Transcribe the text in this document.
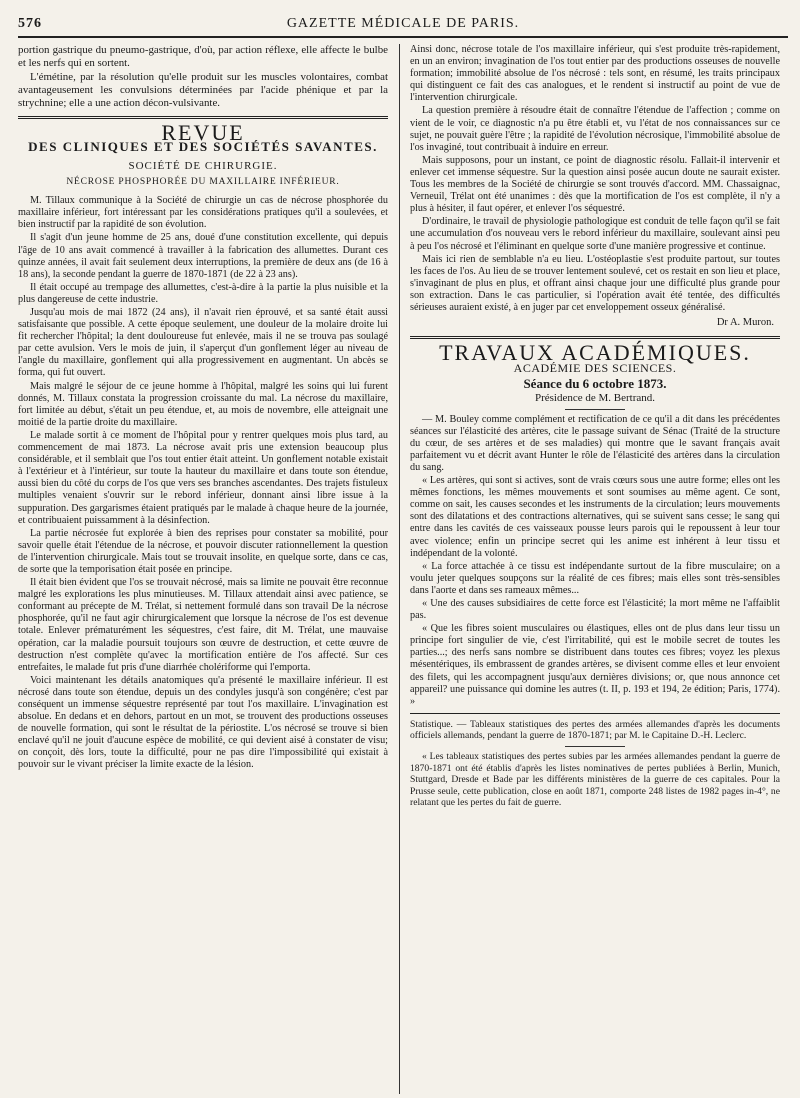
576	GAZETTE MÉDICALE DE PARIS.

portion gastrique du pneumo-gastrique, d'où, par action réflexe, elle affecte le bulbe et les nerfs qui en sortent.

L'émétine, par la résolution qu'elle produit sur les muscles volontaires, combat avantageusement les convulsions déterminées par l'acide phénique et par la strychnine; elle a une action décon-vulsivante.

REVUE
DES CLINIQUES ET DES SOCIÉTÉS SAVANTES.
SOCIÉTÉ DE CHIRURGIE.
NÉCROSE PHOSPHORÉE DU MAXILLAIRE INFÉRIEUR.

M. Tillaux communique à la Société de chirurgie un cas de nécrose phosphorée du maxillaire inférieur, fort intéressant par les considérations pratiques qu'il a soulevées, et bien instructif par la rapidité de son évolution.

Il s'agit d'un jeune homme de 25 ans, doué d'une constitution excellente, qui depuis l'âge de 10 ans avait commencé à travailler à la fabrication des allumettes. Durant ces quinze années, il avait fait seulement deux interruptions, la première de deux ans (de 16 à 18 ans), la seconde pendant la guerre de 1870-1871 (de 22 à 23 ans).

Il était occupé au trempage des allumettes, c'est-à-dire à la partie la plus nuisible et la plus dangereuse de cette industrie.

Jusqu'au mois de mai 1872 (24 ans), il n'avait rien éprouvé, et sa santé était aussi satisfaisante que possible. A cette époque seulement, une douleur de la molaire droite lui fit rechercher l'hôpital; la dent douloureuse fut enlevée, mais il ne se trouva pas soulagé par cette avulsion. Vers le mois de juin, il s'aperçut d'un gonflement léger au niveau de l'angle du maxillaire, gonflement qui alla progressivement en augmentant. Un abcès se forma, qui fut ouvert.

Mais malgré le séjour de ce jeune homme à l'hôpital, malgré les soins qui lui furent donnés, M. Tillaux constata la progression croissante du mal. La nécrose du maxillaire, fort limitée au début, s'était un peu étendue, et, au mois de novembre, elle atteignait une moitié de la partie droite du maxillaire.

Le malade sortit à ce moment de l'hôpital pour y rentrer quelques mois plus tard, au commencement de mai 1873. La nécrose avait pris une extension beaucoup plus considérable, et il semblait que l'os tout entier était atteint. Un gonflement notable existait à l'extérieur et à l'intérieur, sur toute la hauteur du maxillaire et dans toute son étendue, aussi bien du côté du corps de l'os que vers ses branches ascendantes. Des trajets fistuleux multiples venaient s'ouvrir sur le rebord inférieur, donnant ainsi libre issue à la suppuration. Des gargarismes étaient pratiqués par le malade à chaque heure de la journée, et contribuaient puissamment à la désinfection.

La partie nécrosée fut explorée à bien des reprises pour constater sa mobilité, pour savoir quelle était l'étendue de la nécrose, et pouvoir discuter rationnellement la question de l'intervention chirurgicale. Mais tout se trouvait insolite, en quelque sorte, dans ce cas, de sorte que la temporisation était posée en principe.

Il était bien évident que l'os se trouvait nécrosé, mais sa limite ne pouvait être reconnue malgré les explorations les plus minutieuses. M. Tillaux attendait ainsi avec patience, se conformant au précepte de M. Trélat, si nettement formulé dans son travail De la nécrose phosphorée, qu'il ne faut agir chirurgicalement que lorsque la nécrose de l'os est devenue totale. Enlever prématurément les séquestres, c'est faire, dit M. Trélat, une mauvaise opération, car la maladie poursuit toujours son œuvre de destruction, et cette œuvre de destruction n'est complète qu'avec la mortification entière de l'os affecté. Sur ces entrefaites, le malade fut pris d'une diarrhée cholériforme qui l'emporta.

Voici maintenant les détails anatomiques qu'a présenté le maxillaire inférieur. Il est nécrosé dans toute son étendue, depuis un des condyles jusqu'à son congénère; c'est par conséquent un immense séquestre représenté par tout l'os maxillaire. L'invagination est absolue. En dedans et en dehors, partout en un mot, se trouvent des productions osseuses de nouvelle formation, qui sont le résultat de la périostite. L'os nécrosé se trouve si bien enclavé qu'il ne jouit d'aucune espèce de mobilité, ce qui devient aisé à constater de visu; on conçoit, dès lors, toute la difficulté, pour ne pas dire l'impossibilité qui existait à pouvoir sur le vivant préciser la limite exacte de la lésion.

Ainsi donc, nécrose totale de l'os maxillaire inférieur, qui s'est produite très-rapidement, en un an environ; invagination de l'os tout entier par des productions osseuses de nouvelle formation; immobilité absolue de l'os nécrosé : tels sont, en résumé, les traits principaux qui distinguent ce fait des cas analogues, et le rendent si instructif au point de vue de l'intervention chirurgicale.

La question première à résoudre était de connaître l'étendue de l'affection ; comme on vient de le voir, ce diagnostic n'a pu être établi et, vu l'état de nos connaissances sur ce sujet, ne pouvait guère l'être ; la rapidité de l'évolution nécrosique, l'immobilité absolue de l'os invaginé, tout contribuait à induire en erreur.

Mais supposons, pour un instant, ce point de diagnostic résolu. Fallait-il intervenir et enlever cet immense séquestre. Sur la question ainsi posée aucun doute ne saurait exister. Tous les membres de la Société de chirurgie se sont trouvés d'accord. MM. Chassaignac, Verneuil, Trélat ont été unanimes : dès que la mortification de l'os est complète, il n'y a plus à hésiter, il faut opérer, et enlever l'os séquestré.

D'ordinaire, le travail de physiologie pathologique est conduit de telle façon qu'il se fait une accumulation d'os nouveau vers le rebord inférieur du maxillaire, soulevant ainsi peu à peu l'os nécrosé et l'éliminant en quelque sorte d'une manière progressive et continue.

Mais ici rien de semblable n'a eu lieu. L'ostéoplastie s'est produite partout, sur toutes les faces de l'os. Au lieu de se trouver lentement soulevé, cet os restait en son lieu et place, s'invaginant de plus en plus, et offrant ainsi chaque jour une difficulté plus grande pour son extraction. Dans le cas particulier, si l'opération avait été tentée, des difficultés sérieuses auraient existé, à en juger par cet enveloppement osseux généralisé.

Dr A. Muron.
TRAVAUX ACADÉMIQUES.
ACADÉMIE DES SCIENCES.
Séance du 6 octobre 1873.
Présidence de M. Bertrand.

— M. Bouley comme complément et rectification de ce qu'il a dit dans les précédentes séances sur l'élasticité des artères, cite le passage suivant de Sénac (Traité de la structure du cœur, de ses artères et de ses maladies) qui montre que le savant français avait parfaitement vu et décrit avant Hunter le rôle de l'élasticité des artères dans la circulation du sang.

« Les artères, qui sont si actives, sont de vrais cœurs sous une autre forme; elles ont les mêmes fonctions, les mêmes mouvements et sont soumises au même agent. Ce sont, comme on sait, les causes secondes et les instruments de la circulation; leurs mouvements sont des dilatations et des contractions alternatives, qui se suivent sans cesse; le sang qui entre dans les cavités de ces vaisseaux pousse leurs parois qui le repoussent à leur tour avec violence; enfin un principe secret qui les anime est inhérent à leur tissu et indépendant de la volonté.

« La force attachée à ce tissu est indépendante surtout de la fibre musculaire; on a voulu jeter quelques soupçons sur la réalité de ces fibres; mais elles sont très-sensibles dans l'aorte et dans ses rameaux mêmes...

« Une des causes subsidiaires de cette force est l'élasticité; la mort même ne l'affaiblit pas.

« Que les fibres soient musculaires ou élastiques, elles ont de plus dans leur tissu un principe fort singulier de vie, c'est l'irritabilité, qui est le mobile secret de toutes les parties...; des nerfs sans nombre se distribuent dans toutes ces fibres; voyez les plexus mésentériques, ils embrassent de grandes artères, se divisent comme elles et leur envoient des filets, qui les accompagnent jusqu'aux dernières divisions; or, que nous annonce cet appareil? une puissance qui domine les autres (t. II, p. 193 et 194, 2e édition; Paris, 1774). »

Statistique. — Tableaux statistiques des pertes des armées allemandes d'après les documents officiels allemands, pendant la guerre de 1870-1871; par M. le Capitaine D.-H. Leclerc.

« Les tableaux statistiques des pertes subies par les armées allemandes pendant la guerre de 1870-1871 ont été établis d'après les listes nominatives de pertes publiées à Berlin, Munich, Stuttgard, Dresde et Bade par les différents ministères de la guerre de ces capitales. Pour la Prusse seule, cette publication, close en août 1871, comporte 248 listes de 1982 pages in-4°, ne relatant que les pertes du fait de guerre.
